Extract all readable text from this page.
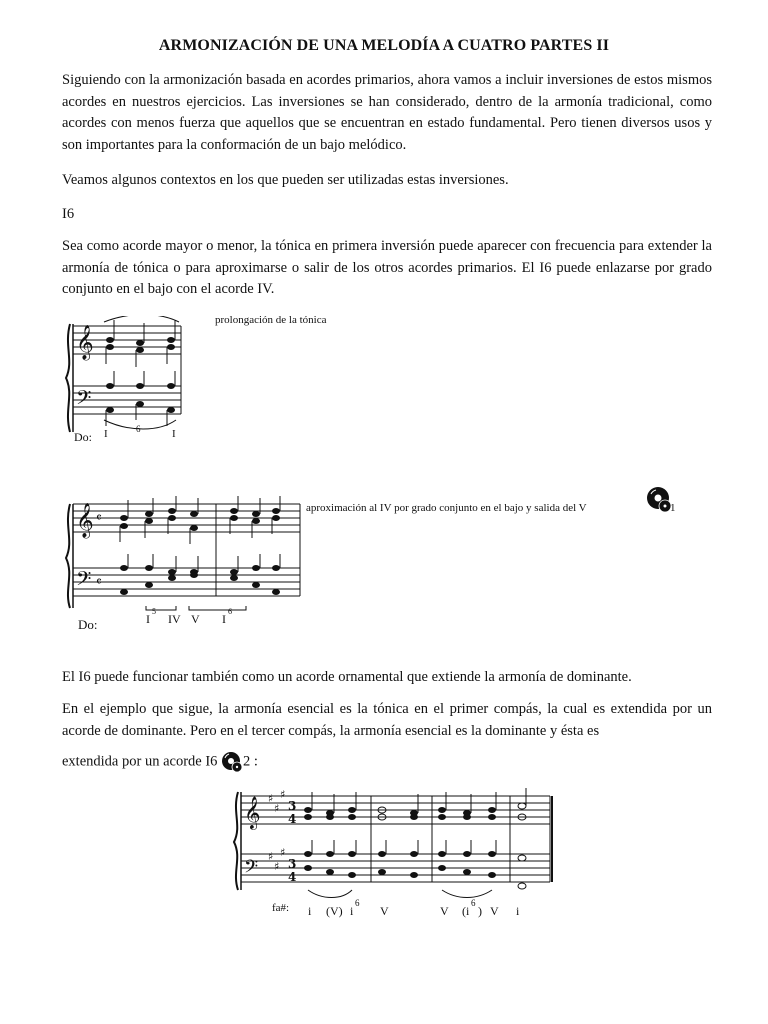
ARMONIZACIÓN DE UNA MELODÍA A CUATRO PARTES II

Siguiendo con la armonización basada en acordes primarios, ahora vamos a incluir inversiones de estos mismos acordes en nuestros ejercicios. Las inversiones se han considerado, dentro de la armonía tradicional, como acordes con menos fuerza que aquellos que se encuentran en estado fundamental. Pero tienen diversos usos y son importantes para la conformación de un bajo melódico.

Veamos algunos contextos en los que pueden ser utilizadas estas inversiones.

I6

Sea como acorde mayor o menor, la tónica en primera inversión puede aparecer con frecuencia para extender la armonía de tónica o para aproximarse o salir de los otros acordes primarios. El I6 puede enlazarse por grado conjunto en el bajo con el acorde IV.

𝄞
𝄢
prolongación de la tónica
Do: I	6	I
𝄞
𝄢
𝄴
𝄴
aproximación al IV por grado conjunto en el bajo y salida del V	1
Do:	I
5
IV V I
6

El I6 puede funcionar también como un acorde ornamental que extiende la armonía de dominante.

En el ejemplo que sigue, la armonía esencial es la tónica en el primer compás, la cual es extendida por un acorde de dominante. Pero en el tercer compás, la armonía esencial es la dominante y ésta es

extendida por un acorde I6 2 :

𝄞
𝄢
♯
♯
♯
♯
♯
♯
3
4
3
4
fa#: i (V) i
6
V	V (i
6
) V i
